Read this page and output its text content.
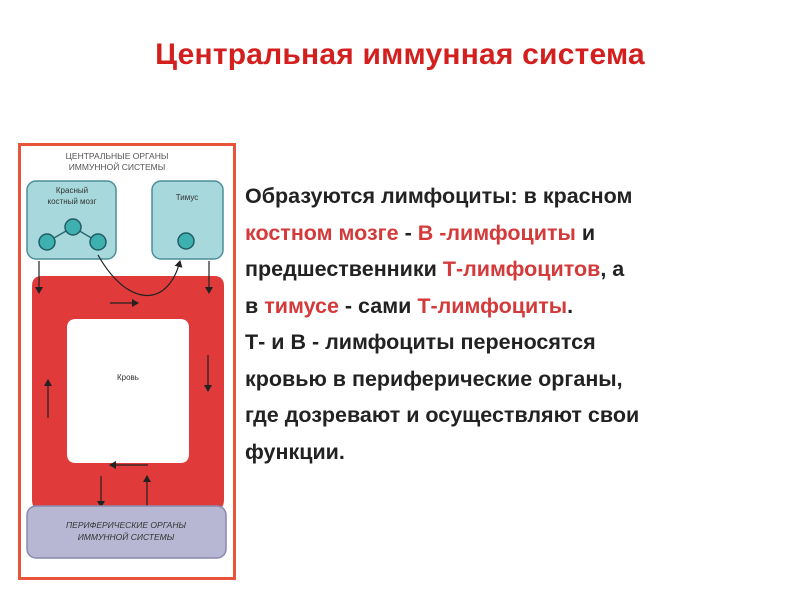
Центральная иммунная система
ЦЕНТРАЛЬНЫЕ ОРГАНЫ
ИММУННОЙ СИСТЕМЫ
Красный
костный мозг	Тимус
Кровь
ПЕРИФЕРИЧЕСКИЕ ОРГАНЫ
ИММУННОЙ СИСТЕМЫ
Образуются лимфоциты: в красном
костном мозге - B -лимфоциты и
предшественники Т-лимфоцитов, а
в тимусе - сами Т-лимфоциты.
Т- и В - лимфоциты переносятся
кровью в периферические органы,
где дозревают и осуществляют свои
функции.
